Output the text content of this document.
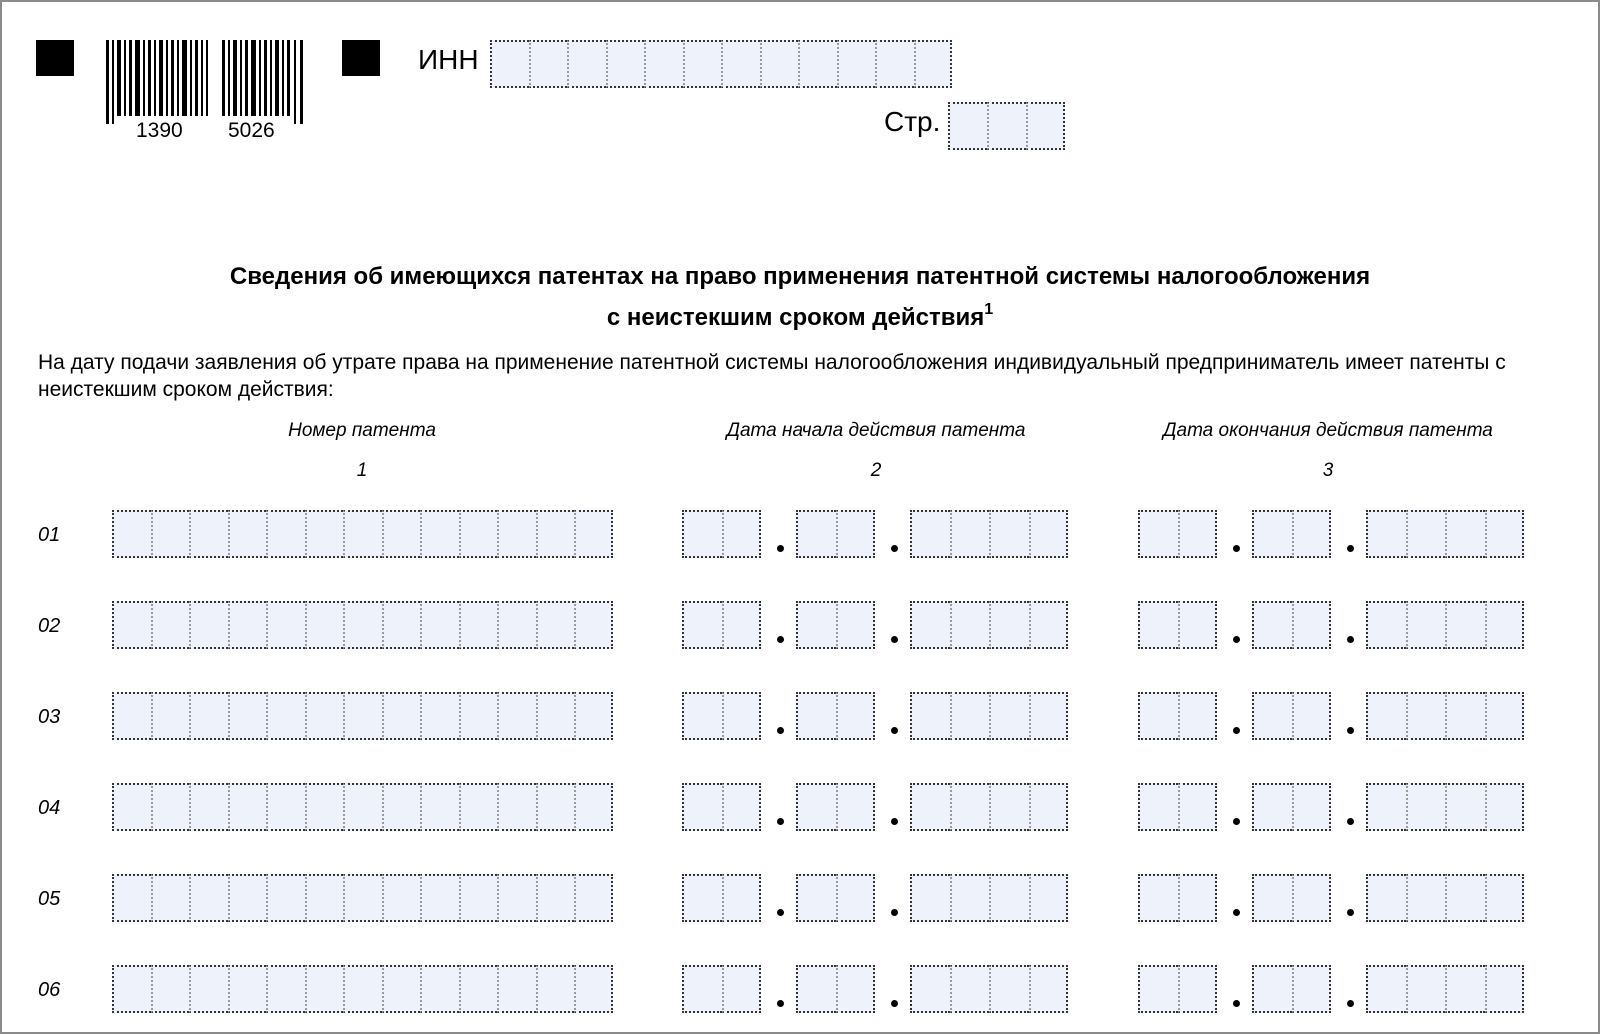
1390 5026
ИНН
Стр.
Сведения об имеющихся патентах на право применения патентной системы налогообложения
с неистекшим сроком действия$^1$
На дату подачи заявления об утрате права на применение патентной системы налогообложения индивидуальный предприниматель имеет патенты с неистекшим сроком действия:
Номер патента	Дата начала действия патента	Дата окончания действия патента
1	2	3
01
02
03
04
05
06
